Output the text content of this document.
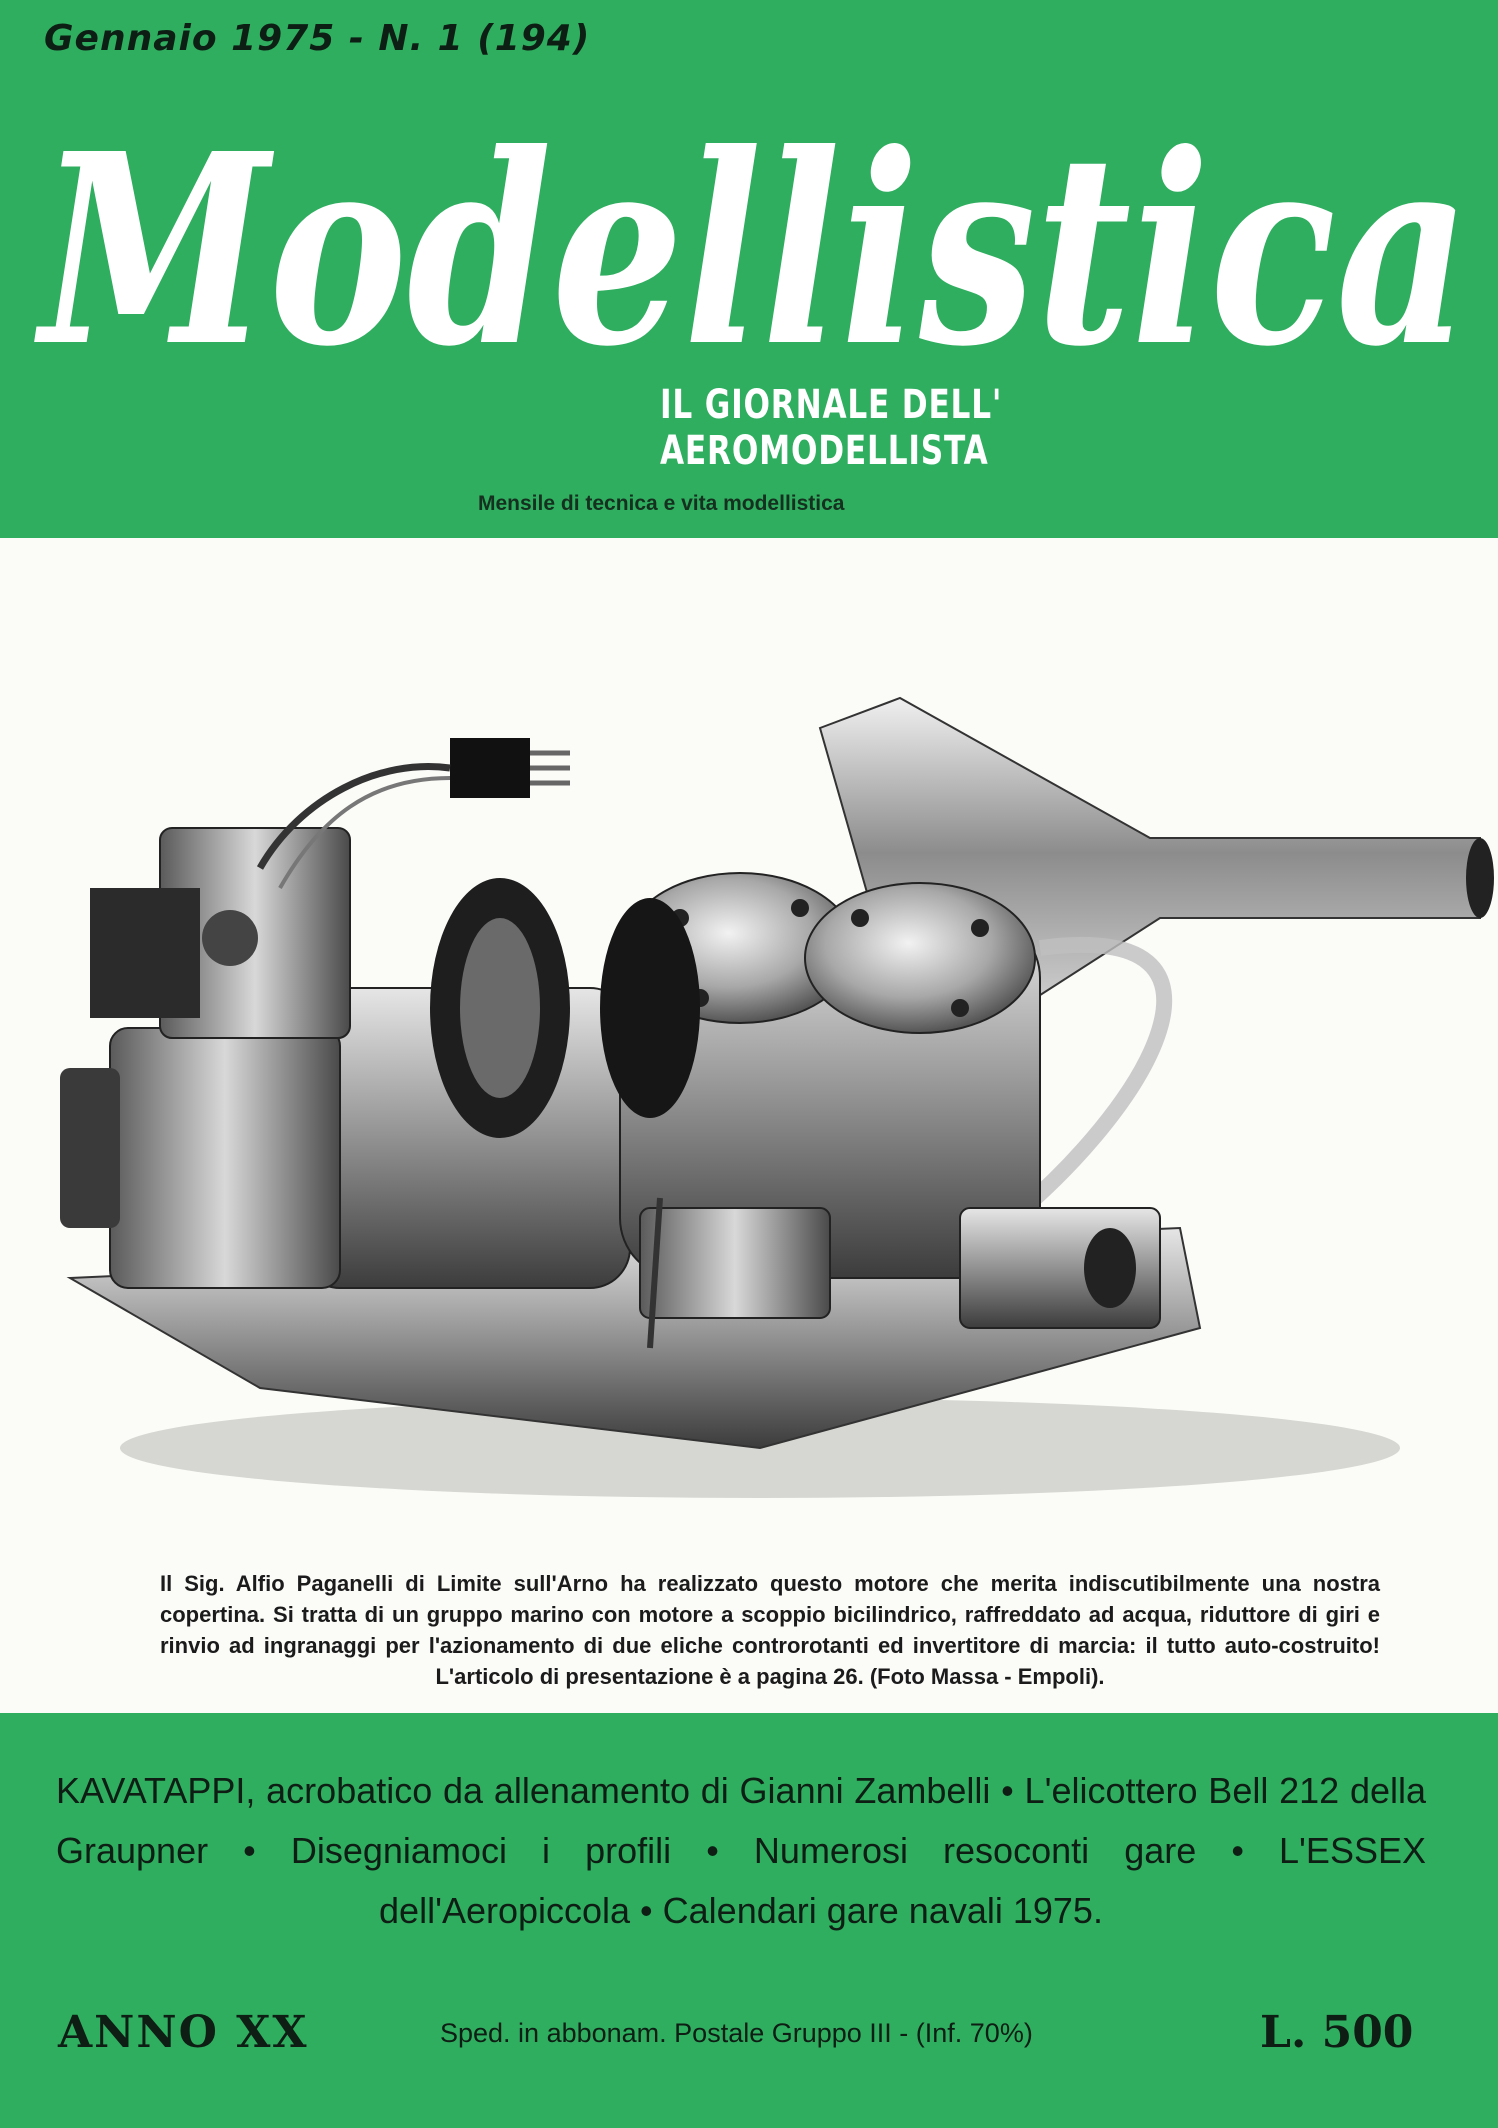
Gennaio 1975 - N. 1 (194)
Modellistica
IL GIORNALE DELL' AEROMODELLISTA
Mensile di tecnica e vita modellistica
Il Sig. Alfio Paganelli di Limite sull'Arno ha realizzato questo motore che merita indiscutibilmente una nostra copertina. Si tratta di un gruppo marino con motore a scoppio bicilindrico, raffreddato ad acqua, riduttore di giri e rinvio ad ingranaggi per l'azionamento di due eliche controrotanti ed invertitore di marcia: il tutto auto-costruito! L'articolo di presentazione è a pagina 26. (Foto Massa - Empoli).
KAVATAPPI, acrobatico da allenamento di Gianni Zambelli • L'elicottero Bell 212 della Graupner • Disegniamoci i profili • Numerosi resoconti gare • L'ESSEX dell'Aeropiccola • Calendari gare navali 1975.
ANNO XX	Sped. in abbonam. Postale Gruppo III - (Inf. 70%)	L. 500
